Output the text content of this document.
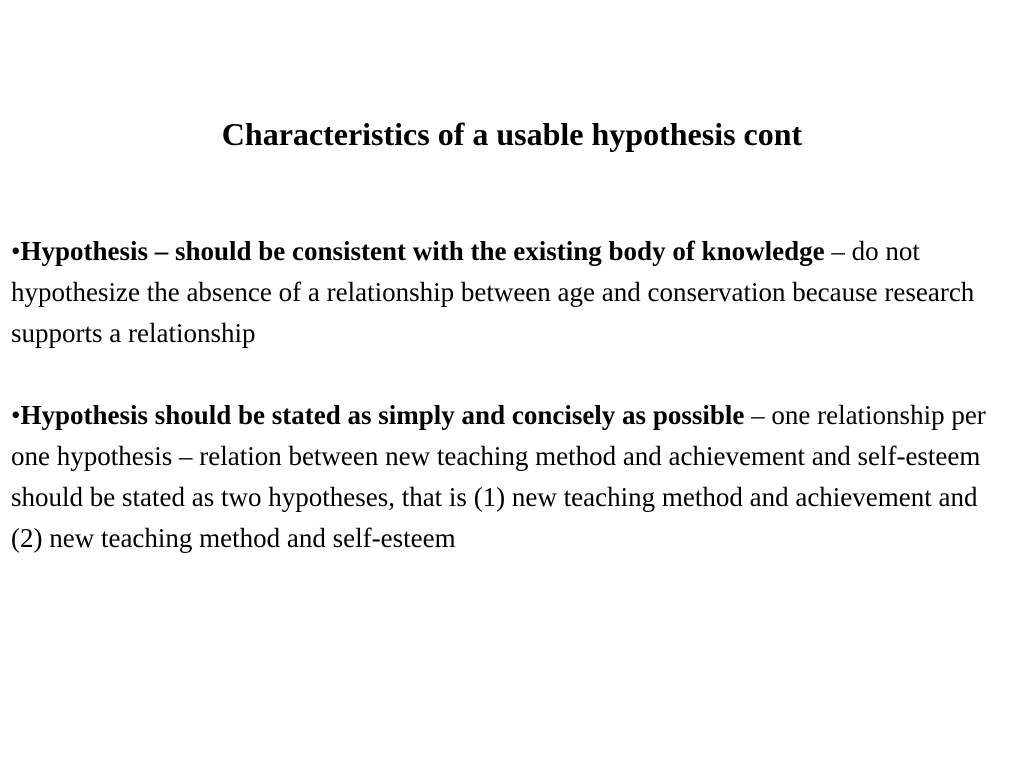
Characteristics of a usable hypothesis cont

•Hypothesis – should be consistent with the existing body of knowledge – do not hypothesize the absence of a relationship between age and conservation because research supports a relationship

•Hypothesis should be stated as simply and concisely as possible – one relationship per one hypothesis – relation between new teaching method and achievement and self-esteem should be stated as two hypotheses, that is (1) new teaching method and achievement and (2) new teaching method and self-esteem
